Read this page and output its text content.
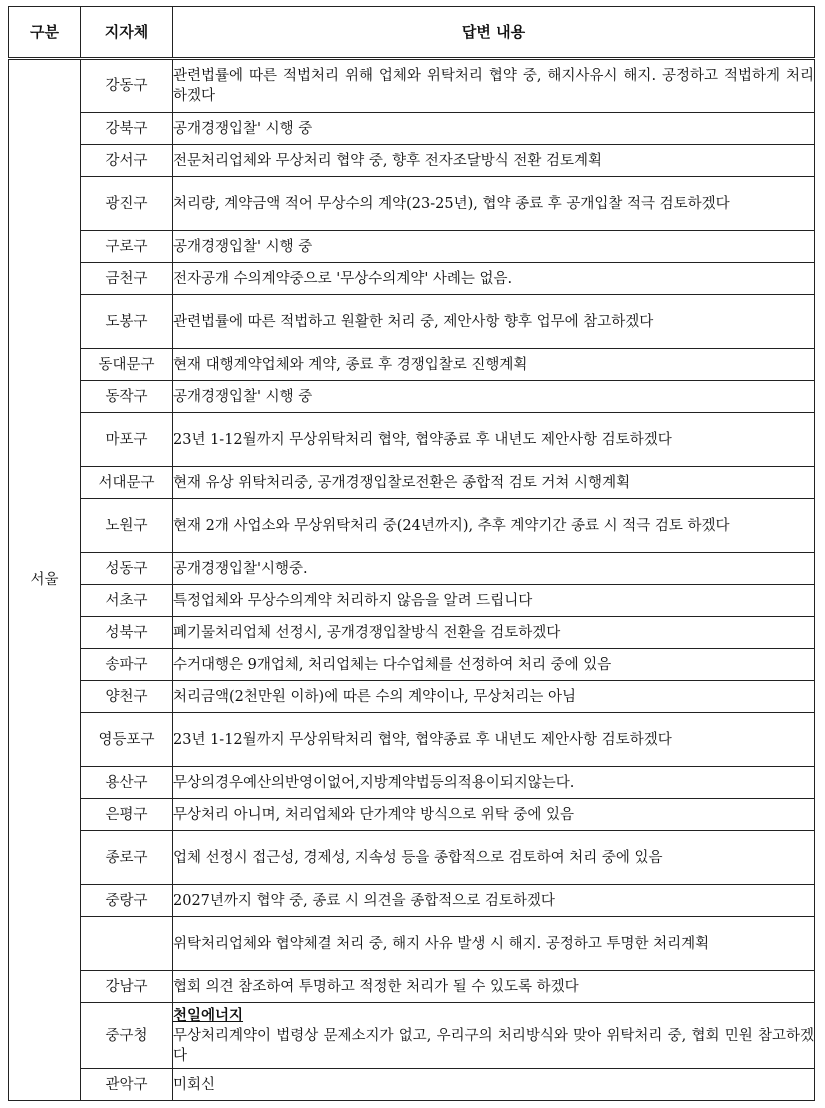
구분	지자체	답변 내용
서울	강동구	관련법률에 따른 적법처리 위해 업체와 위탁처리 협약 중, 해지사유시 해지. 공정하고 적법하게 처리 하겠다

	강북구	공개경쟁입찰' 시행 중

	강서구	전문처리업체와 무상처리 협약 중, 향후 전자조달방식 전환 검토계획

	광진구	처리량, 계약금액 적어 무상수의 계약(23-25년), 협약 종료 후 공개입찰 적극 검토하겠다

	구로구	공개경쟁입찰' 시행 중

	금천구	전자공개 수의계약중으로 '무상수의계약' 사례는 없음.

	도봉구	관련법률에 따른 적법하고 원활한 처리 중, 제안사항 향후 업무에 참고하겠다

	동대문구	현재 대행계약업체와 계약, 종료 후 경쟁입찰로 진행계획

	동작구	공개경쟁입찰' 시행 중

	마포구	23년 1-12월까지 무상위탁처리 협약, 협약종료 후 내년도 제안사항 검토하겠다

	서대문구	현재 유상 위탁처리중, 공개경쟁입찰로전환은 종합적 검토 거쳐 시행계획

	노원구	현재 2개 사업소와 무상위탁처리 중(24년까지), 추후 계약기간 종료 시 적극 검토 하겠다

	성동구	공개경쟁입찰'시행중.

	서초구	특정업체와 무상수의계약 처리하지 않음을 알려 드립니다

	성북구	폐기물처리업체 선정시, 공개경쟁입찰방식 전환을 검토하겠다

	송파구	수거대행은 9개업체, 처리업체는 다수업체를 선정하여 처리 중에 있음

	양천구	처리금액(2천만원 이하)에 따른 수의 계약이나, 무상처리는 아님

	영등포구	23년 1-12월까지 무상위탁처리 협약, 협약종료 후 내년도 제안사항 검토하겠다

	용산구	무상의경우예산의반영이없어,지방계약법등의적용이되지않는다.

	은평구	무상처리 아니며, 처리업체와 단가계약 방식으로 위탁 중에 있음

	종로구	업체 선정시 접근성, 경제성, 지속성 등을 종합적으로 검토하여 처리 중에 있음

	중랑구	2027년까지 협약 중, 종료 시 의견을 종합적으로 검토하겠다

		위탁처리업체와 협약체결 처리 중, 해지 사유 발생 시 해지. 공정하고 투명한 처리계획

	강남구	협회 의견 참조하여 투명하고 적정한 처리가 될 수 있도록 하겠다

	중구청	천일에너지
무상처리계약이 법령상 문제소지가 없고, 우리구의 처리방식와 맞아 위탁처리 중, 협회 민원 참고하겠다

	관악구	미회신
